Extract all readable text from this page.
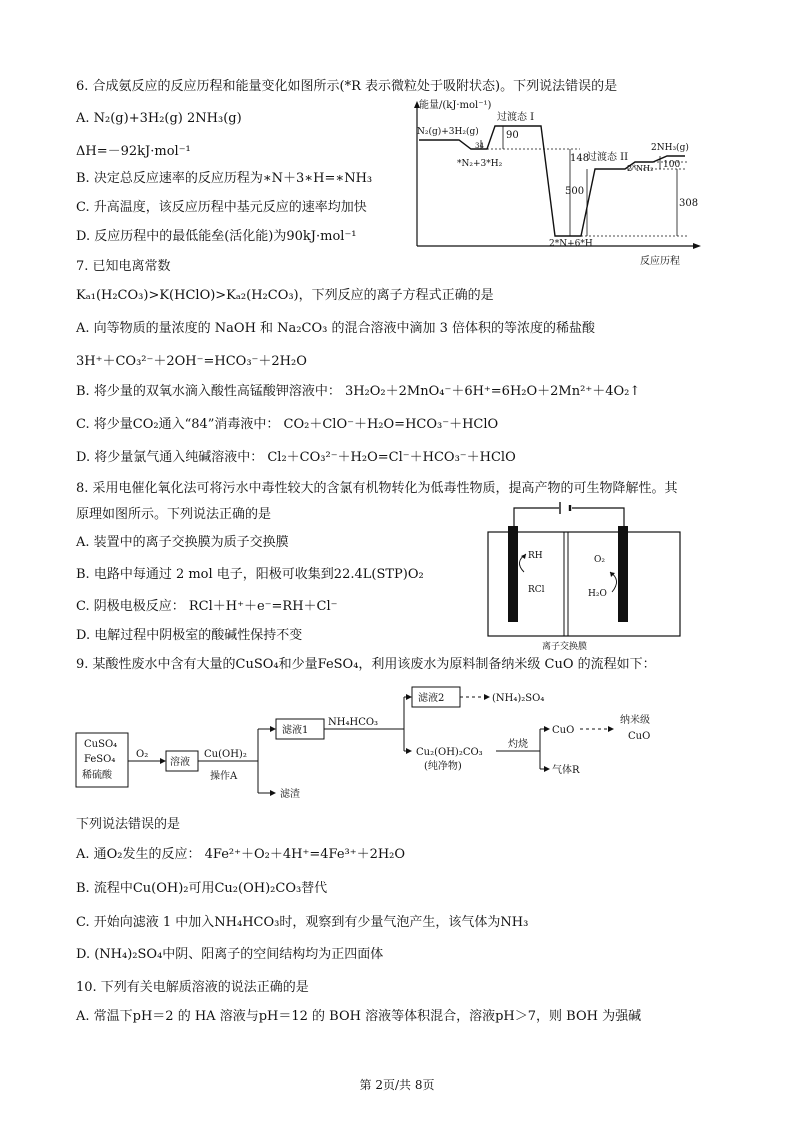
6. 合成氨反应的反应历程和能量变化如图所示(*R 表示微粒处于吸附状态)。下列说法错误的是
A. N₂(g)+3H₂(g) 2NH₃(g)
ΔH=－92kJ·mol⁻¹
B. 决定总反应速率的反应历程为∗N＋3∗H=∗NH₃
C. 升高温度，该反应历程中基元反应的速率均加快
D. 反应历程中的最低能垒(活化能)为90kJ·mol⁻¹
能量/(kJ·mol⁻¹)
反应历程
N₂(g)+3H₂(g)
34
*N₂+3*H₂
90
过渡态 I
148
500
2*N+6*H
过渡态 II
2*NH₂
2NH₃(g)
100
308
7. 已知电离常数
Kₐ₁(H₂CO₃)>K(HClO)>Kₐ₂(H₂CO₃)，下列反应的离子方程式正确的是
A. 向等物质的量浓度的 NaOH 和 Na₂CO₃ 的混合溶液中滴加 3 倍体积的等浓度的稀盐酸
3H⁺＋CO₃²⁻＋2OH⁻=HCO₃⁻＋2H₂O
B. 将少量的双氧水滴入酸性高锰酸钾溶液中： 3H₂O₂＋2MnO₄⁻＋6H⁺=6H₂O＋2Mn²⁺＋4O₂↑
C. 将少量CO₂通入“84”消毒液中： CO₂＋ClO⁻＋H₂O=HCO₃⁻＋HClO
D. 将少量氯气通入纯碱溶液中： Cl₂＋CO₃²⁻＋H₂O=Cl⁻＋HCO₃⁻＋HClO
8. 采用电催化氧化法可将污水中毒性较大的含氯有机物转化为低毒性物质，提高产物的可生物降解性。其
原理如图所示。下列说法正确的是
A. 装置中的离子交换膜为质子交换膜
B. 电路中每通过 2 mol 电子，阳极可收集到22.4L(STP)O₂
C. 阴极电极反应： RCl＋H⁺＋e⁻=RH＋Cl⁻
D. 电解过程中阴极室的酸碱性保持不变
RH
RCl
O₂
H₂O
离子交换膜
9. 某酸性废水中含有大量的CuSO₄和少量FeSO₄，利用该废水为原料制备纳米级 CuO 的流程如下：
CuSO₄
FeSO₄
稀硫酸
O₂
溶液
Cu(OH)₂
操作A
滤渣
滤液1
NH₄HCO₃
滤液2	(NH₄)₂SO₄
Cu₂(OH)₂CO₃
(纯净物)
灼烧
CuO
气体R
纳米级
CuO
下列说法错误的是
A. 通O₂发生的反应： 4Fe²⁺＋O₂＋4H⁺=4Fe³⁺＋2H₂O
B. 流程中Cu(OH)₂可用Cu₂(OH)₂CO₃替代
C. 开始向滤液 1 中加入NH₄HCO₃时，观察到有少量气泡产生，该气体为NH₃
D. (NH₄)₂SO₄中阴、阳离子的空间结构均为正四面体
10. 下列有关电解质溶液的说法正确的是
A. 常温下pH＝2 的 HA 溶液与pH＝12 的 BOH 溶液等体积混合，溶液pH＞7，则 BOH 为强碱
第 2页/共 8页
